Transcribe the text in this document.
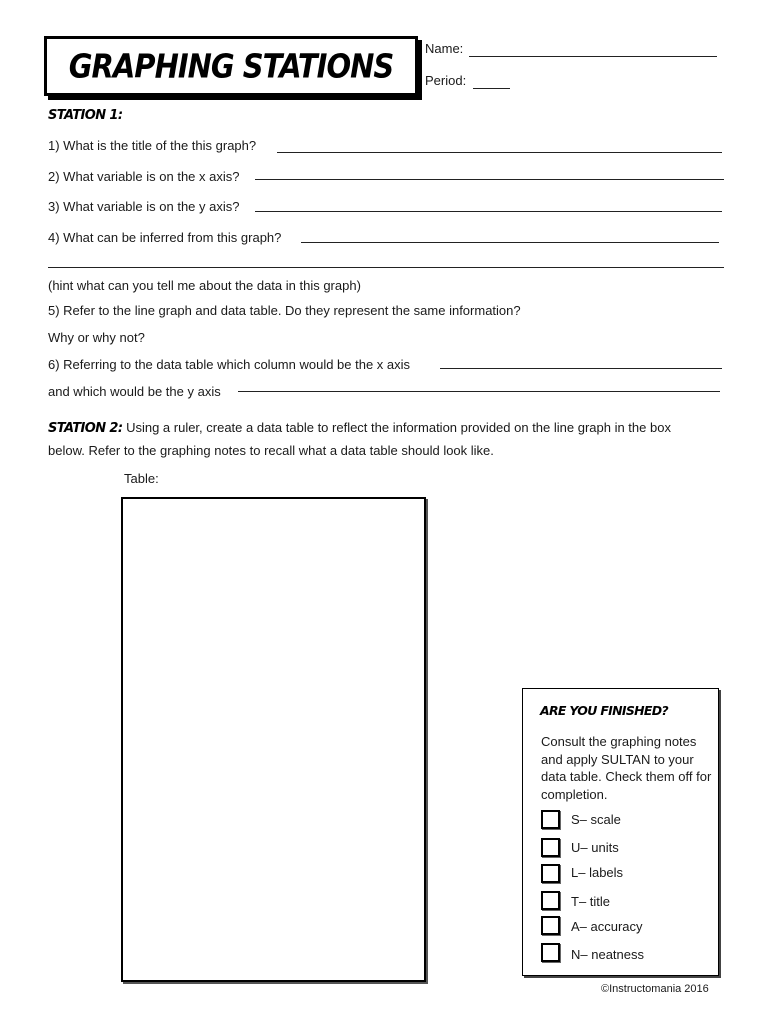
GRAPHING STATIONS Name:
Period:
STATION 1:
1) What is the title of the this graph?
2) What variable is on the x axis?
3) What variable is on the y axis?
4) What can be inferred from this graph?
(hint what can you tell me about the data in this graph)
5) Refer to the line graph and data table. Do they represent the same information?
Why or why not?
6) Referring to the data table which column would be the x axis
and which would be the y axis
STATION 2: Using a ruler, create a data table to reflect the information provided on the line graph in the box
below. Refer to the graphing notes to recall what a data table should look like.
Table:
ARE YOU FINISHED?
Consult the graphing notes and apply SULTAN to your data table. Check them off for completion.
S– scale
U– units
L– labels
T– title
A– accuracy
N– neatness
©Instructomania 2016
